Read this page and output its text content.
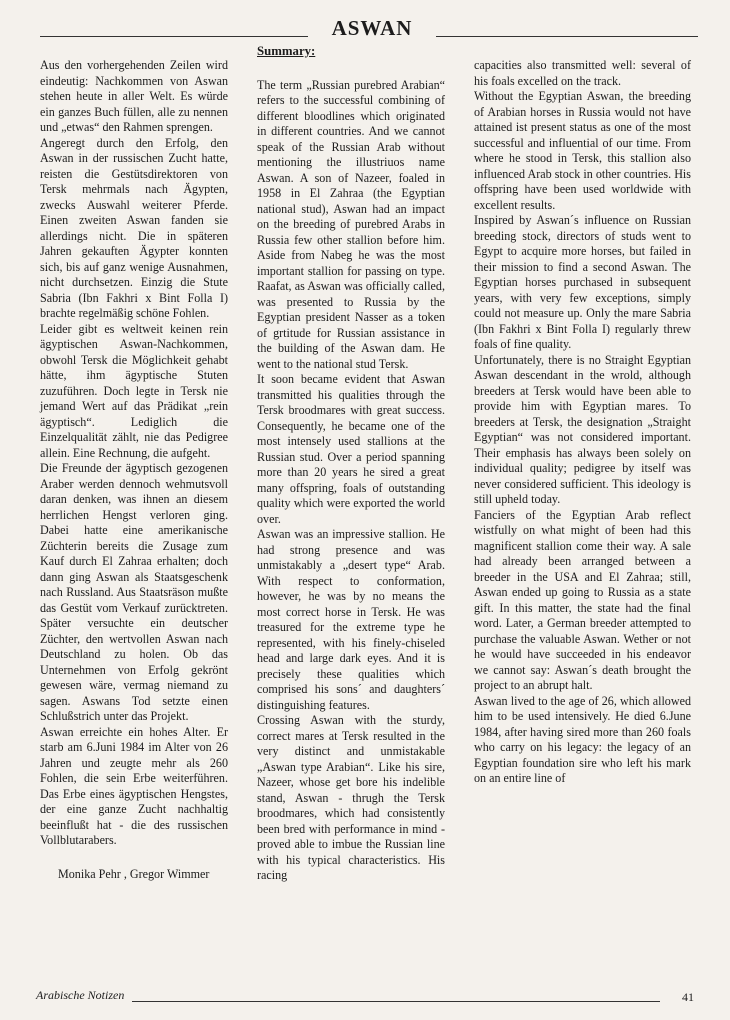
ASWAN

Aus den vorhergehenden Zeilen wird eindeutig: Nachkommen von Aswan stehen heute in aller Welt. Es würde ein ganzes Buch füllen, alle zu nennen und „etwas“ den Rahmen sprengen.

Angeregt durch den Erfolg, den Aswan in der russischen Zucht hatte, reisten die Gestütsdirektoren von Tersk mehrmals nach Ägypten, zwecks Auswahl weiterer Pferde. Einen zweiten Aswan fanden sie allerdings nicht. Die in späteren Jahren gekauften Ägypter konnten sich, bis auf ganz wenige Ausnahmen, nicht durchsetzen. Einzig die Stute Sabria (Ibn Fakhri x Bint Folla I) brachte regelmäßig schöne Fohlen.

Leider gibt es weltweit keinen rein ägyptischen Aswan-Nachkommen, obwohl Tersk die Möglichkeit gehabt hätte, ihm ägyptische Stuten zuzuführen. Doch legte in Tersk nie jemand Wert auf das Prädikat „rein ägyptisch“. Lediglich die Einzelqualität zählt, nie das Pedigree allein. Eine Rechnung, die aufgeht.

Die Freunde der ägyptisch gezogenen Araber werden dennoch wehmutsvoll daran denken, was ihnen an diesem herrlichen Hengst verloren ging. Dabei hatte eine amerikanische Züchterin bereits die Zusage zum Kauf durch El Zahraa erhalten; doch dann ging Aswan als Staatsgeschenk nach Russland. Aus Staatsräson mußte das Gestüt vom Verkauf zurücktreten. Später versuchte ein deutscher Züchter, den wertvollen Aswan nach Deutschland zu holen. Ob das Unternehmen von Erfolg gekrönt gewesen wäre, vermag niemand zu sagen. Aswans Tod setzte einen Schlußstrich unter das Projekt.

Aswan erreichte ein hohes Alter. Er starb am 6.Juni 1984 im Alter von 26 Jahren und zeugte mehr als 260 Fohlen, die sein Erbe weiterführen. Das Erbe eines ägyptischen Hengstes, der eine ganze Zucht nachhaltig beeinflußt hat - die des russischen Vollblutarabers.

Monika Pehr , Gregor Wimmer

Summary:

The term „Russian purebred Arabian“ refers to the successful combining of different bloodlines which originated in different countries. And we cannot speak of the Russian Arab without mentioning the illustriuos name Aswan. A son of Nazeer, foaled in 1958 in El Zahraa (the Egyptian national stud), Aswan had an impact on the breeding of purebred Arabs in Russia few other stallion before him. Aside from Nabeg he was the most important stallion for passing on type. Raafat, as Aswan was officially called, was presented to Russia by the Egyptian president Nasser as a token of grtitude for Russian assistance in the building of the Aswan dam. He went to the national stud Tersk.

It soon became evident that Aswan transmitted his qualities through the Tersk broodmares with great success. Consequently, he became one of the most intensely used stallions at the Russian stud. Over a period spanning more than 20 years he sired a great many offspring, foals of outstanding quality which were exported the world over.

Aswan was an impressive stallion. He had strong presence and was unmistakably a „desert type“ Arab. With respect to conformation, however, he was by no means the most correct horse in Tersk. He was treasured for the extreme type he represented, with his finely-chiseled head and large dark eyes. And it is precisely these qualities which comprised his sons´ and daughters´ distinguishing features.

Crossing Aswan with the sturdy, correct mares at Tersk resulted in the very distinct and unmistakable „Aswan type Arabian“. Like his sire, Nazeer, whose get bore his indelible stand, Aswan - thrugh the Tersk broodmares, which had consistently been bred with performance in mind - proved able to imbue the Russian line with his typical characteristics. His racing

capacities also transmitted well: several of his foals excelled on the track.

Without the Egyptian Aswan, the breeding of Arabian horses in Russia would not have attained ist present status as one of the most successful and influential of our time. From where he stood in Tersk, this stallion also influenced Arab stock in other countries. His offspring have been used worldwide with excellent results.

Inspired by Aswan´s influence on Russian breeding stock, directors of studs went to Egypt to acquire more horses, but failed in their mission to find a second Aswan. The Egyptian horses purchased in subsequent years, with very few exceptions, simply could not measure up. Only the mare Sabria (Ibn Fakhri x Bint Folla I) regularly threw foals of fine quality.

Unfortunately, there is no Straight Egyptian Aswan descendant in the wrold, although breeders at Tersk would have been able to provide him with Egyptian mares. To breeders at Tersk, the designation „Straight Egyptian“ was not considered important. Their emphasis has always been solely on individual quality; pedigree by itself was never considered sufficient. This ideology is still upheld today.

Fanciers of the Egyptian Arab reflect wistfully on what might of been had this magnificent stallion come their way. A sale had already been arranged between a breeder in the USA and El Zahraa; still, Aswan ended up going to Russia as a state gift. In this matter, the state had the final word. Later, a German breeder attempted to purchase the valuable Aswan. Wether or not he would have succeeded in his endeavor we cannot say: Aswan´s death brought the project to an abrupt halt.

Aswan lived to the age of 26, which allowed him to be used intensively. He died 6.June 1984, after having sired more than 260 foals who carry on his legacy: the legacy of an Egyptian foundation sire who left his mark on an entire line of

Arabische Notizen	41
